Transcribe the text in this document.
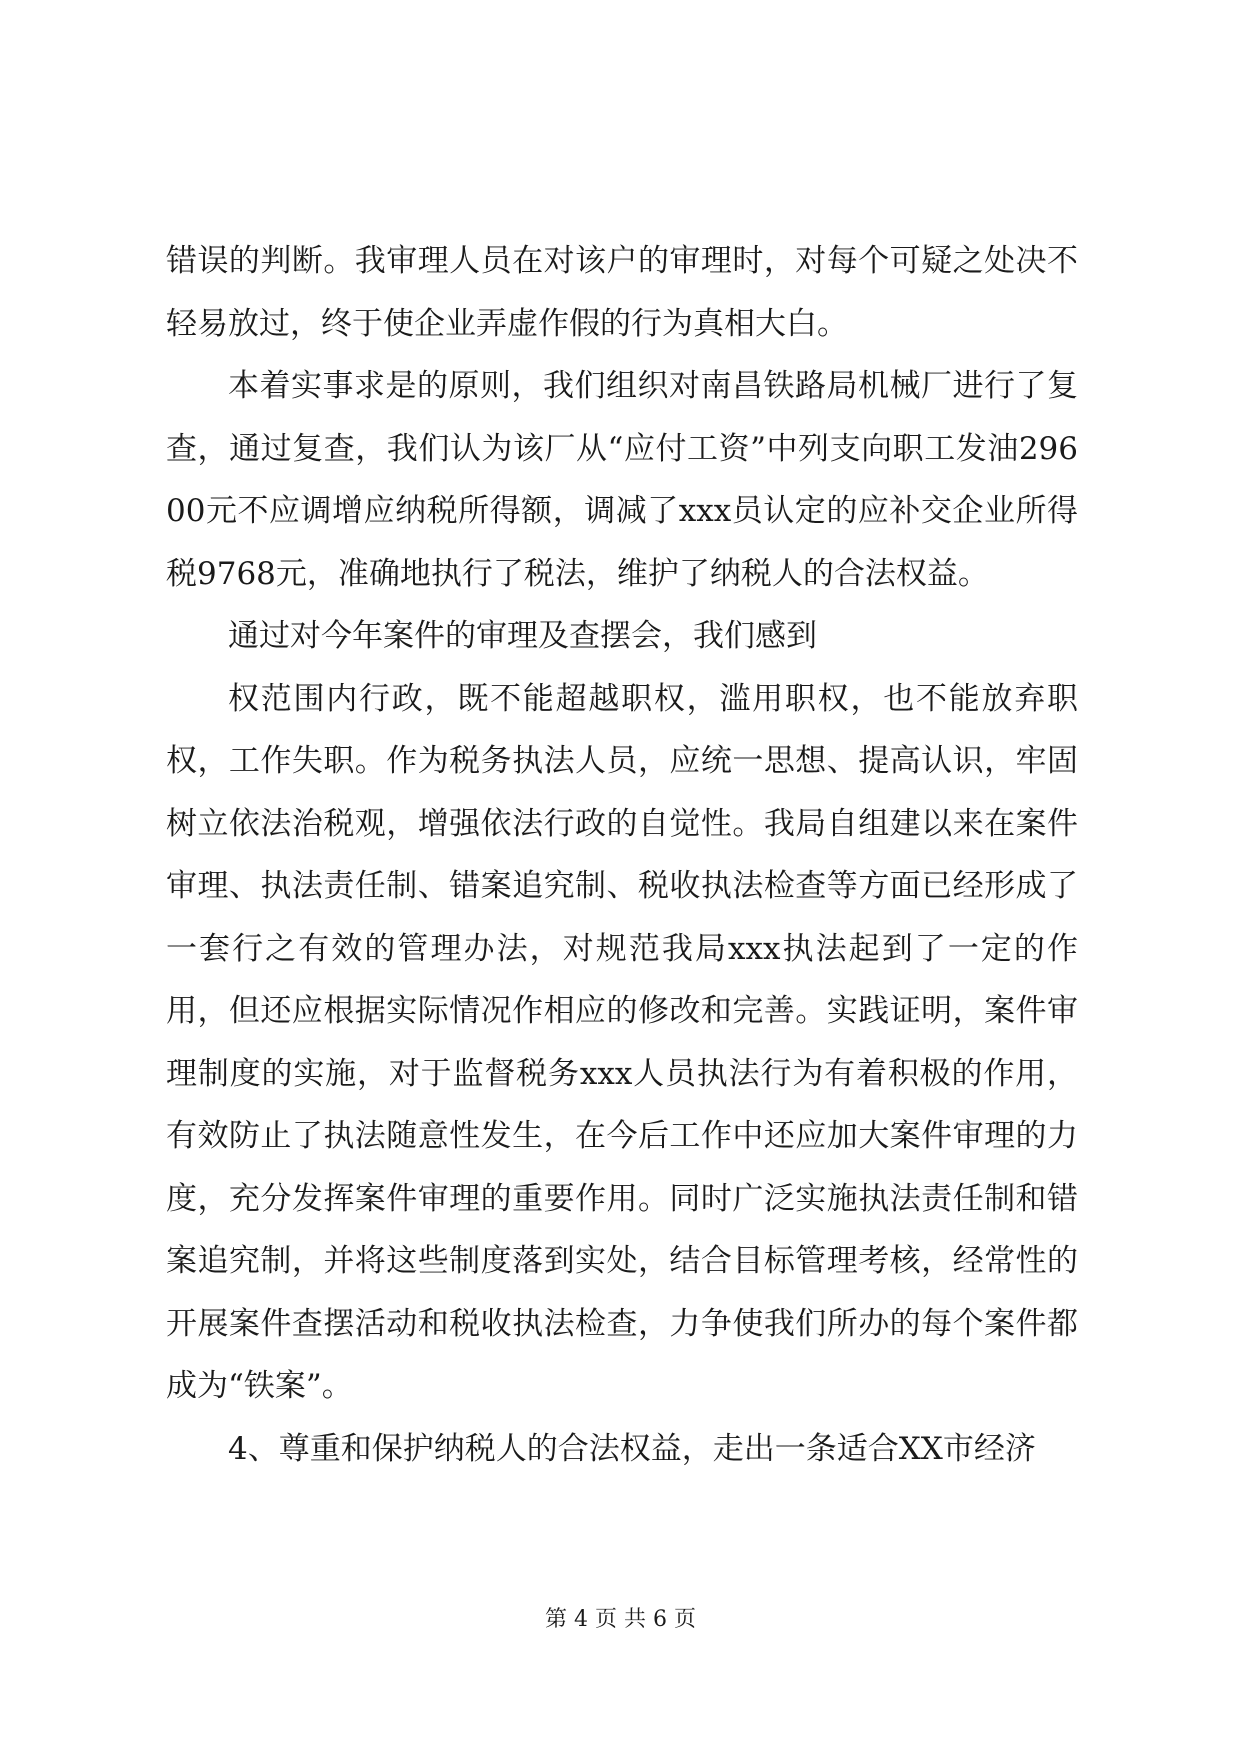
错误的判断。我审理人员在对该户的审理时，对每个可疑之处决不轻易放过，终于使企业弄虚作假的行为真相大白。

本着实事求是的原则，我们组织对南昌铁路局机械厂进行了复查，通过复查，我们认为该厂从“应付工资”中列支向职工发油29600元不应调增应纳税所得额，调减了xxx员认定的应补交企业所得税9768元，准确地执行了税法，维护了纳税人的合法权益。

通过对今年案件的审理及查摆会，我们感到

权范围内行政，既不能超越职权，滥用职权，也不能放弃职权，工作失职。作为税务执法人员，应统一思想、提高认识，牢固树立依法治税观，增强依法行政的自觉性。我局自组建以来在案件审理、执法责任制、错案追究制、税收执法检查等方面已经形成了一套行之有效的管理办法，对规范我局xxx执法起到了一定的作用，但还应根据实际情况作相应的修改和完善。实践证明，案件审理制度的实施，对于监督税务xxx人员执法行为有着积极的作用，有效防止了执法随意性发生，在今后工作中还应加大案件审理的力度，充分发挥案件审理的重要作用。同时广泛实施执法责任制和错案追究制，并将这些制度落到实处，结合目标管理考核，经常性的开展案件查摆活动和税收执法检查，力争使我们所办的每个案件都成为“铁案”。

4、尊重和保护纳税人的合法权益，走出一条适合XX市经济

第 4 页 共 6 页
